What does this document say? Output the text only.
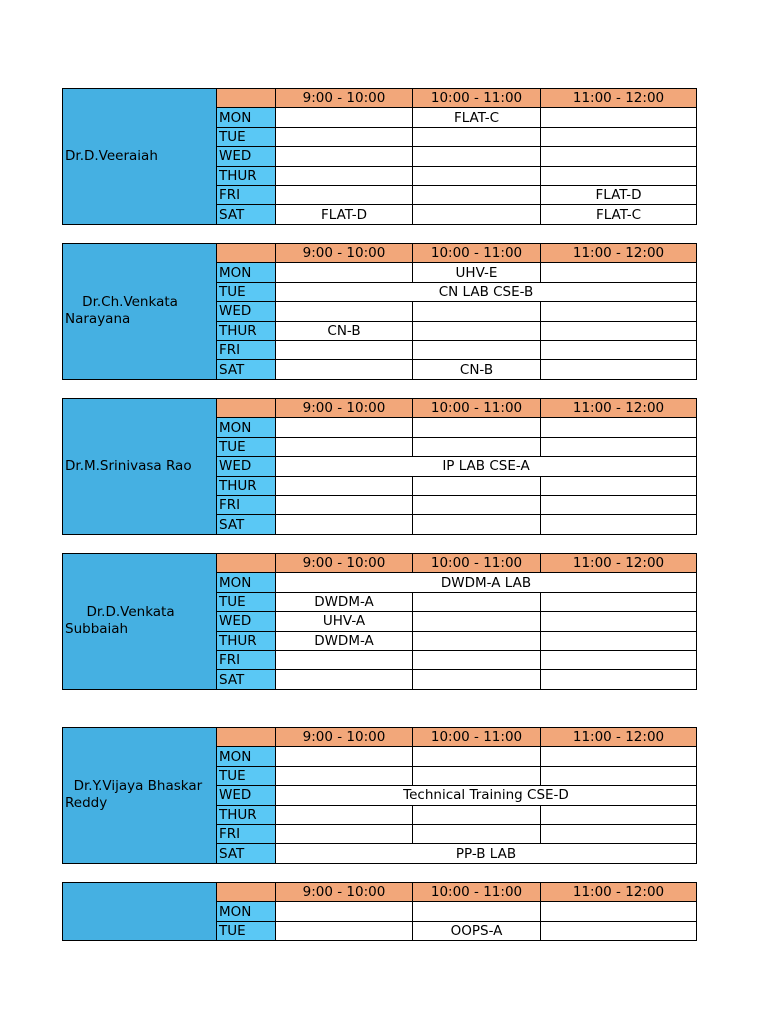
Dr.D.Veeraiah		9:00 - 10:00	10:00 - 11:00	11:00 - 12:00
	MON		FLAT-C	
	TUE			
	WED			
	THUR			
	FRI			FLAT-D
	SAT	FLAT-D		FLAT-C
Dr.Ch.Venkata Narayana		9:00 - 10:00	10:00 - 11:00	11:00 - 12:00
	MON		UHV-E	
	TUE	CN LAB CSE-B		
	WED			
	THUR	CN-B		
	FRI			
	SAT		CN-B	
Dr.M.Srinivasa Rao		9:00 - 10:00	10:00 - 11:00	11:00 - 12:00
	MON			
	TUE			
	WED	IP LAB CSE-A		
	THUR			
	FRI			
	SAT			
Dr.D.Venkata Subbaiah		9:00 - 10:00	10:00 - 11:00	11:00 - 12:00
	MON	DWDM-A LAB		
	TUE	DWDM-A		
	WED	UHV-A		
	THUR	DWDM-A		
	FRI			
	SAT			
Dr.Y.Vijaya Bhaskar Reddy		9:00 - 10:00	10:00 - 11:00	11:00 - 12:00
	MON			
	TUE			
	WED	Technical Training CSE-D		
	THUR			
	FRI			
	SAT	PP-B LAB		
		9:00 - 10:00	10:00 - 11:00	11:00 - 12:00
	MON			
	TUE		OOPS-A	
